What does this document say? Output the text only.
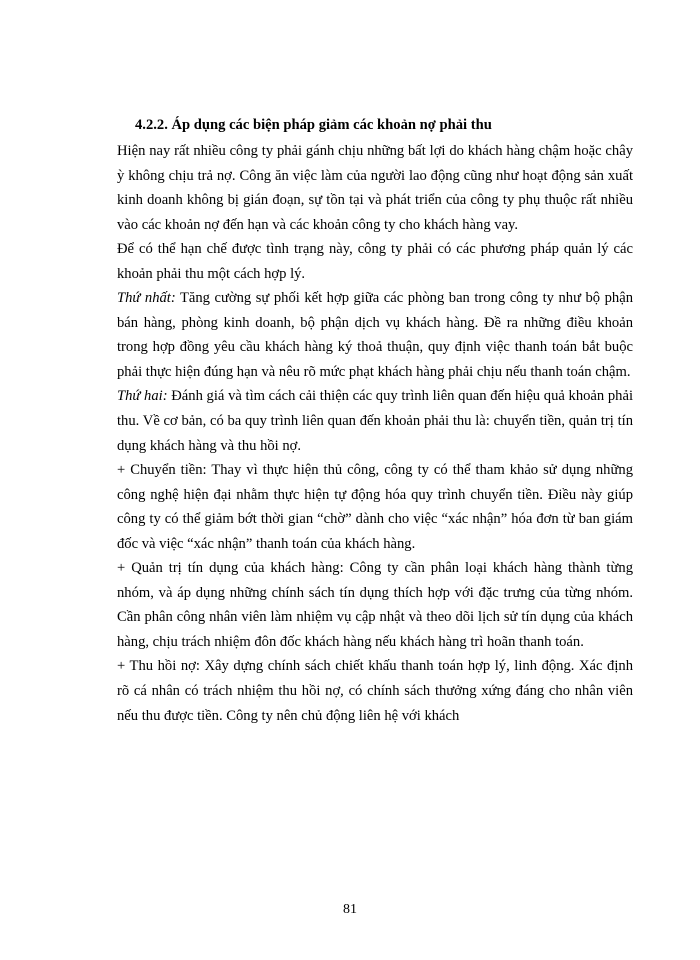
4.2.2. Áp dụng các biện pháp giảm các khoản nợ phải thu

Hiện nay rất nhiều công ty phải gánh chịu những bất lợi do khách hàng chậm hoặc chây ỳ không chịu trả nợ. Công ăn việc làm của người lao động cũng như hoạt động sản xuất kinh doanh không bị gián đoạn, sự tồn tại và phát triển của công ty phụ thuộc rất nhiều vào các khoản nợ đến hạn và các khoản công ty cho khách hàng vay.

Để có thể hạn chế được tình trạng này, công ty phải có các phương pháp quản lý các khoản phải thu một cách hợp lý.

Thứ nhất: Tăng cường sự phối kết hợp giữa các phòng ban trong công ty như bộ phận bán hàng, phòng kinh doanh, bộ phận dịch vụ khách hàng. Đề ra những điều khoản trong hợp đồng yêu cầu khách hàng ký thoả thuận, quy định việc thanh toán bắt buộc phải thực hiện đúng hạn và nêu rõ mức phạt khách hàng phải chịu nếu thanh toán chậm.

Thứ hai: Đánh giá và tìm cách cải thiện các quy trình liên quan đến hiệu quả khoản phải thu. Về cơ bản, có ba quy trình liên quan đến khoản phải thu là: chuyển tiền, quản trị tín dụng khách hàng và thu hồi nợ.

+ Chuyển tiền: Thay vì thực hiện thủ công, công ty có thể tham khảo sử dụng những công nghệ hiện đại nhằm thực hiện tự động hóa quy trình chuyển tiền. Điều này giúp công ty có thể giảm bớt thời gian “chờ” dành cho việc “xác nhận” hóa đơn từ ban giám đốc và việc “xác nhận” thanh toán của khách hàng.

+ Quản trị tín dụng của khách hàng: Công ty cần phân loại khách hàng thành từng nhóm, và áp dụng những chính sách tín dụng thích hợp với đặc trưng của từng nhóm. Cần phân công nhân viên làm nhiệm vụ cập nhật và theo dõi lịch sử tín dụng của khách hàng, chịu trách nhiệm đôn đốc khách hàng nếu khách hàng trì hoãn thanh toán.

+ Thu hồi nợ: Xây dựng chính sách chiết khấu thanh toán hợp lý, linh động. Xác định rõ cá nhân có trách nhiệm thu hồi nợ, có chính sách thưởng xứng đáng cho nhân viên nếu thu được tiền. Công ty nên chủ động liên hệ với khách

81
